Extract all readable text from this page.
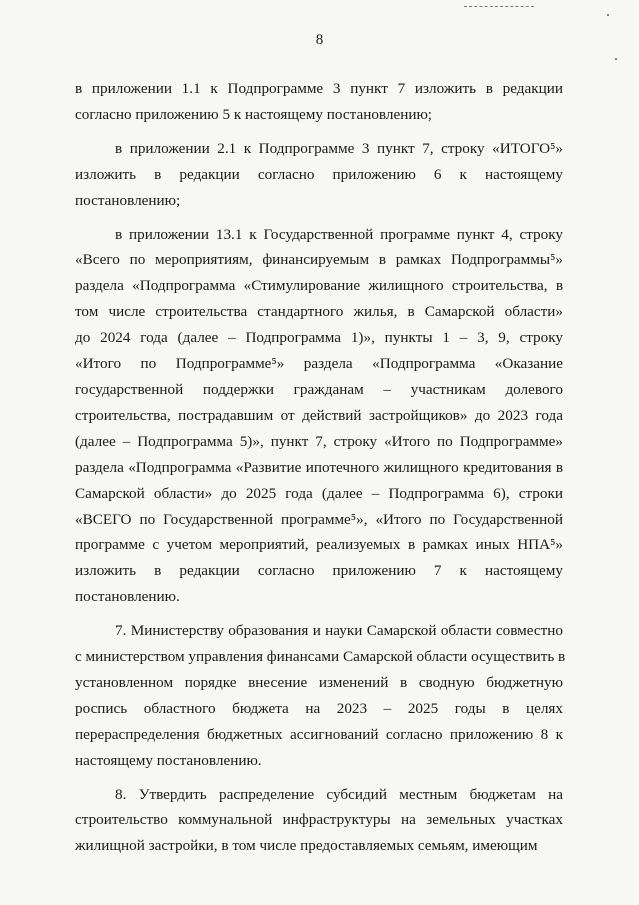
8

в приложении 1.1 к Подпрограмме 3 пункт 7 изложить в редакции
согласно приложению 5 к настоящему постановлению;

в приложении 2.1 к Подпрограмме 3 пункт 7, строку «ИТОГО⁵»
изложить в редакции согласно приложению 6 к настоящему
постановлению;

в приложении 13.1 к Государственной программе пункт 4, строку
«Всего по мероприятиям, финансируемым в рамках Подпрограммы⁵»
раздела «Подпрограмма «Стимулирование жилищного строительства, в
том числе строительства стандартного жилья, в Самарской области»
до 2024 года (далее – Подпрограмма 1)», пункты 1 – 3, 9, строку
«Итого по Подпрограмме⁵» раздела «Подпрограмма «Оказание
государственной поддержки гражданам – участникам долевого
строительства, пострадавшим от действий застройщиков» до 2023 года
(далее – Подпрограмма 5)», пункт 7, строку «Итого по Подпрограмме»
раздела «Подпрограмма «Развитие ипотечного жилищного кредитования в
Самарской области» до 2025 года (далее – Подпрограмма 6), строки
«ВСЕГО по Государственной программе⁵», «Итого по Государственной
программе с учетом мероприятий, реализуемых в рамках иных НПА⁵»
изложить в редакции согласно приложению 7 к настоящему
постановлению.

7. Министерству образования и науки Самарской области совместно
с министерством управления финансами Самарской области осуществить в
установленном порядке внесение изменений в сводную бюджетную
роспись областного бюджета на 2023 – 2025 годы в целях
перераспределения бюджетных ассигнований согласно приложению 8 к
настоящему постановлению.

8. Утвердить распределение субсидий местным бюджетам на
строительство коммунальной инфраструктуры на земельных участках
жилищной застройки, в том числе предоставляемых семьям, имеющим
